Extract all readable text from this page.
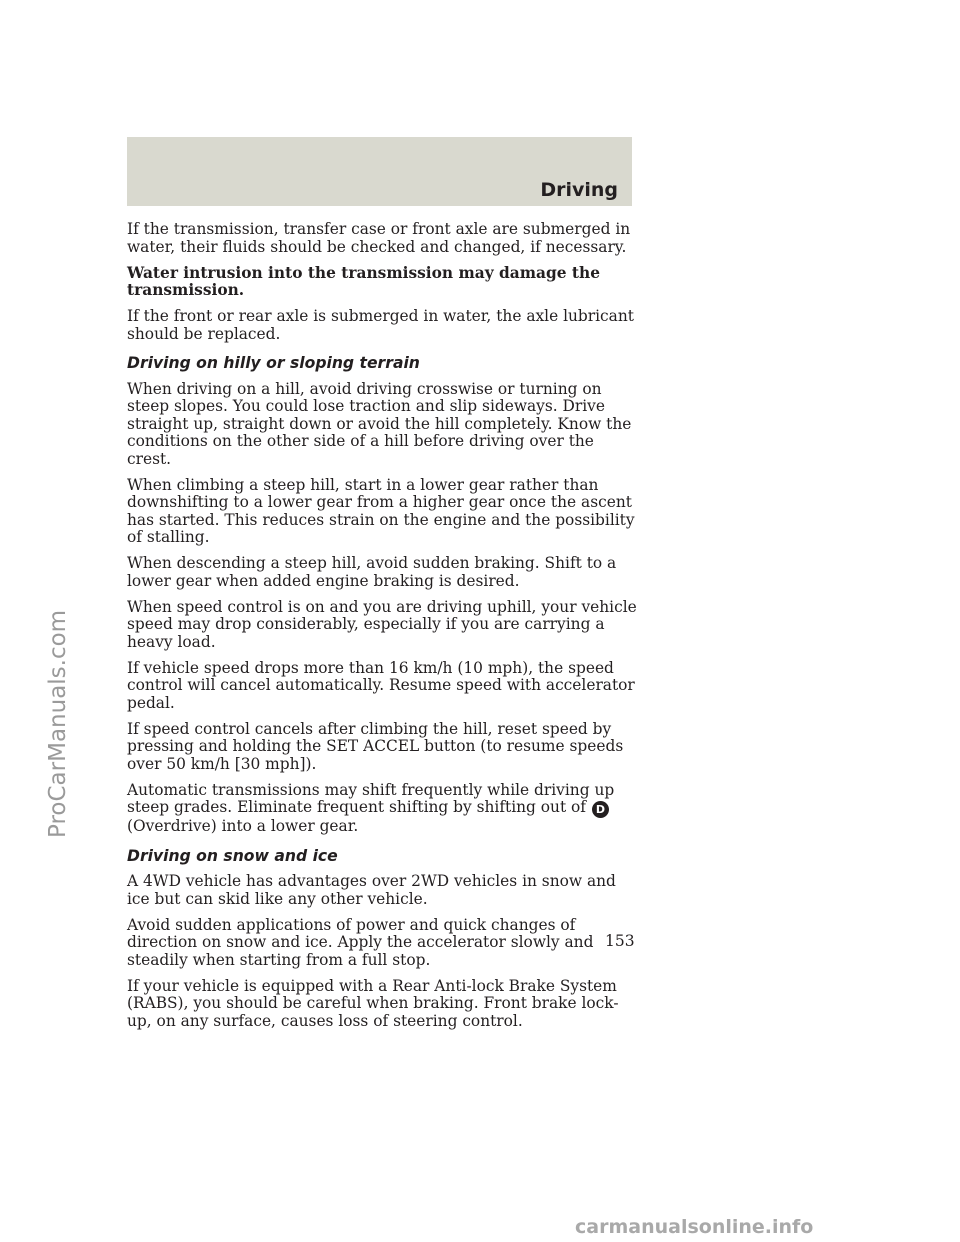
Driving

If the transmission, transfer case or front axle are submerged in water, their fluids should be checked and changed, if necessary.

Water intrusion into the transmission may damage the transmission.

If the front or rear axle is submerged in water, the axle lubricant should be replaced.

Driving on hilly or sloping terrain

When driving on a hill, avoid driving crosswise or turning on steep slopes. You could lose traction and slip sideways. Drive straight up, straight down or avoid the hill completely. Know the conditions on the other side of a hill before driving over the crest.

When climbing a steep hill, start in a lower gear rather than downshifting to a lower gear from a higher gear once the ascent has started. This reduces strain on the engine and the possibility of stalling.

When descending a steep hill, avoid sudden braking. Shift to a lower gear when added engine braking is desired.

When speed control is on and you are driving uphill, your vehicle speed may drop considerably, especially if you are carrying a heavy load.

If vehicle speed drops more than 16 km/h (10 mph), the speed control will cancel automatically. Resume speed with accelerator pedal.

If speed control cancels after climbing the hill, reset speed by pressing and holding the SET ACCEL button (to resume speeds over 50 km/h [30 mph]).

Automatic transmissions may shift frequently while driving up steep grades. Eliminate frequent shifting by shifting out of D(Overdrive) into a lower gear.

Driving on snow and ice

A 4WD vehicle has advantages over 2WD vehicles in snow and ice but can skid like any other vehicle.

Avoid sudden applications of power and quick changes of direction on snow and ice. Apply the accelerator slowly and steadily when starting from a full stop.

If your vehicle is equipped with a Rear Anti-lock Brake System (RABS), you should be careful when braking. Front brake lock-up, on any surface, causes loss of steering control.

153
ProCarManuals.com
carmanualsonline.info
